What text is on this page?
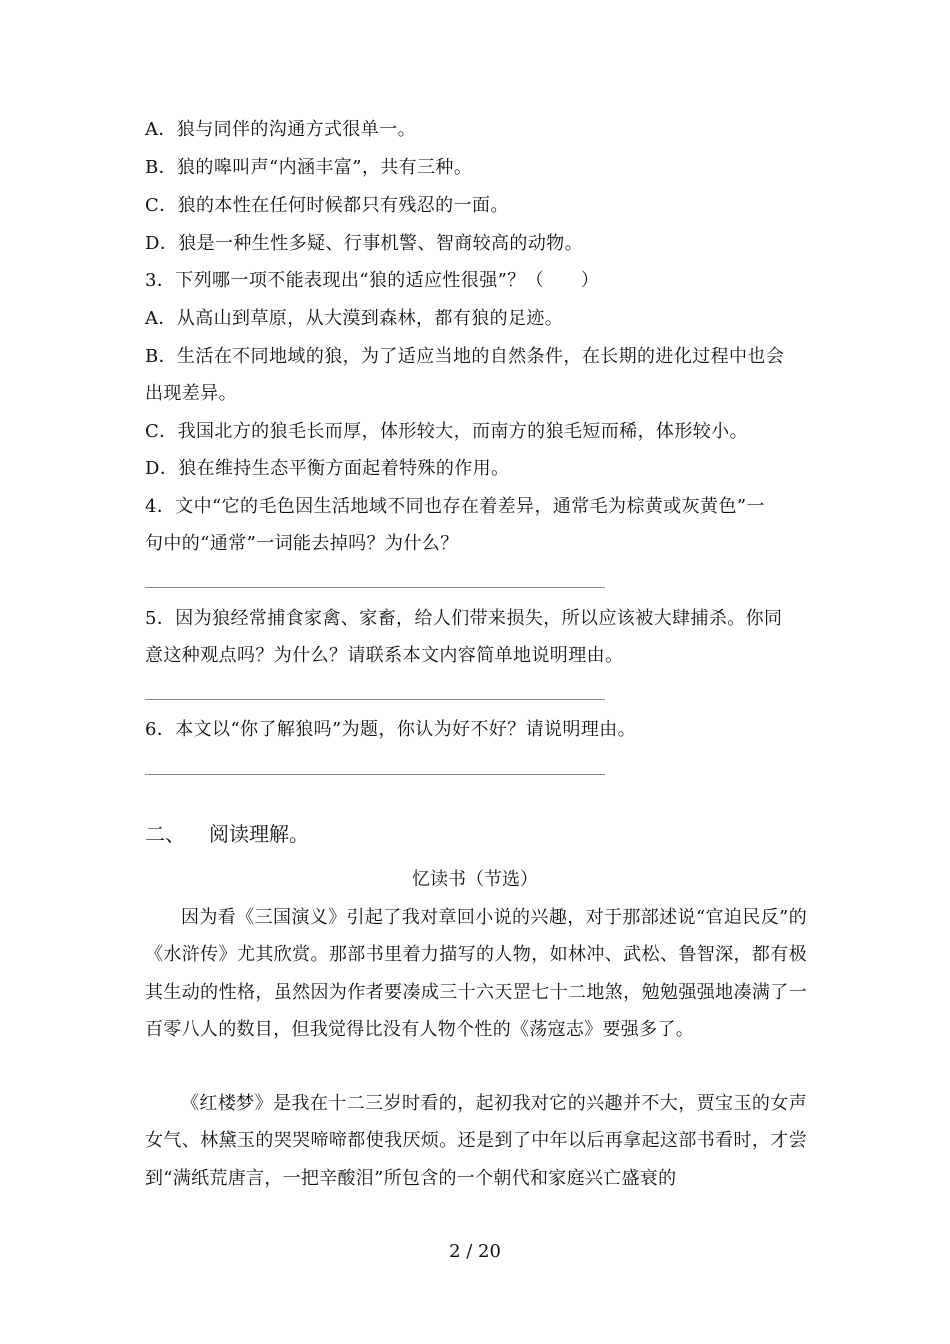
A．狼与同伴的沟通方式很单一。
B．狼的嗥叫声“内涵丰富”，共有三种。
C．狼的本性在任何时候都只有残忍的一面。
D．狼是一种生性多疑、行事机警、智商较高的动物。
3．下列哪一项不能表现出“狼的适应性很强”？（　　）
A．从高山到草原，从大漠到森林，都有狼的足迹。
B．生活在不同地域的狼，为了适应当地的自然条件，在长期的进化过程中也会
出现差异。
C．我国北方的狼毛长而厚，体形较大，而南方的狼毛短而稀，体形较小。
D．狼在维持生态平衡方面起着特殊的作用。
4．文中“它的毛色因生活地域不同也存在着差异，通常毛为棕黄或灰黄色”一
句中的“通常”一词能去掉吗？为什么？
5．因为狼经常捕食家禽、家畜，给人们带来损失，所以应该被大肆捕杀。你同
意这种观点吗？为什么？请联系本文内容简单地说明理由。
6．本文以“你了解狼吗”为题，你认为好不好？请说明理由。
二、 阅读理解。
忆读书（节选）
因为看《三国演义》引起了我对章回小说的兴趣，对于那部述说“官迫民反”的《水浒传》尤其欣赏。那部书里着力描写的人物，如林冲、武松、鲁智深，都有极其生动的性格，虽然因为作者要凑成三十六天罡七十二地煞，勉勉强强地凑满了一百零八人的数目，但我觉得比没有人物个性的《荡寇志》要强多了。
《红楼梦》是我在十二三岁时看的，起初我对它的兴趣并不大，贾宝玉的女声女气、林黛玉的哭哭啼啼都使我厌烦。还是到了中年以后再拿起这部书看时，才尝到“满纸荒唐言，一把辛酸泪”所包含的一个朝代和家庭兴亡盛衰的
2 / 20
